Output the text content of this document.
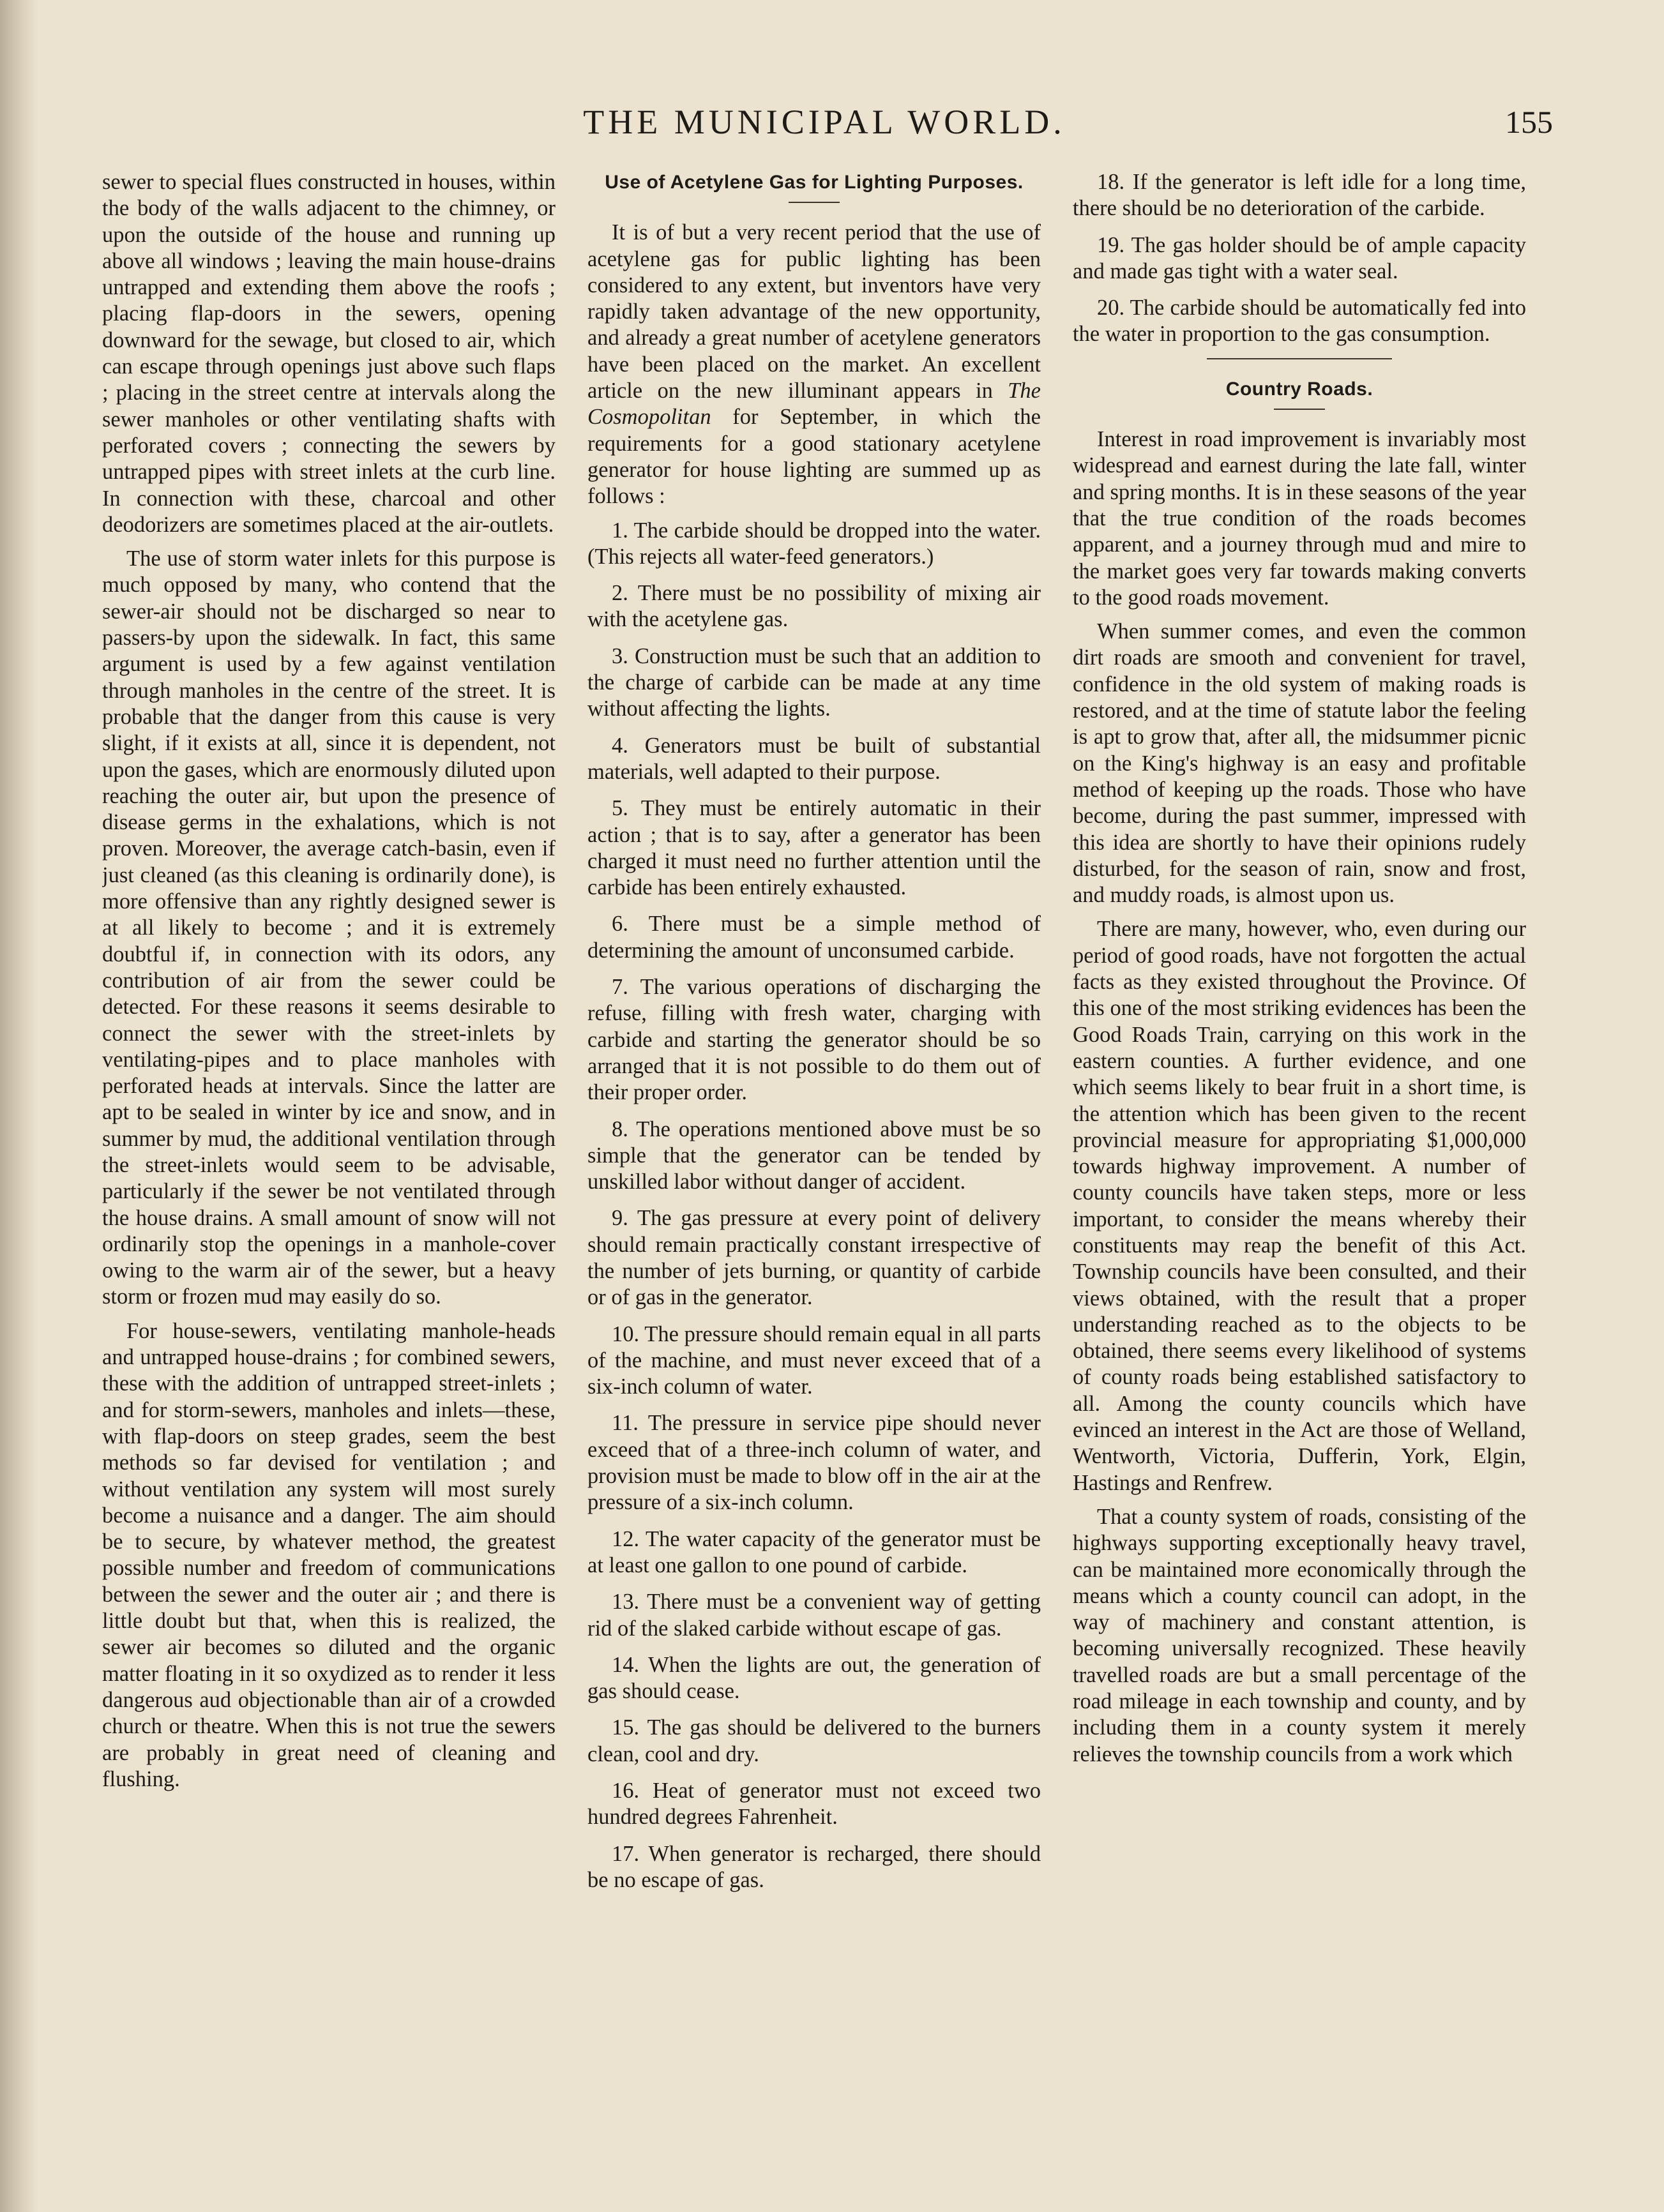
THE MUNICIPAL WORLD.	155

sewer to special flues constructed in houses, within the body of the walls adjacent to the chimney, or upon the outside of the house and running up above all windows ; leaving the main house-drains untrapped and extending them above the roofs ; placing flap-doors in the sewers, opening downward for the sewage, but closed to air, which can escape through openings just above such flaps ; placing in the street centre at intervals along the sewer manholes or other ventilating shafts with perforated covers ; connecting the sewers by untrapped pipes with street inlets at the curb line. In connection with these, charcoal and other deodorizers are sometimes placed at the air-outlets.

The use of storm water inlets for this purpose is much opposed by many, who contend that the sewer-air should not be discharged so near to passers-by upon the sidewalk. In fact, this same argument is used by a few against ventilation through manholes in the centre of the street. It is probable that the danger from this cause is very slight, if it exists at all, since it is dependent, not upon the gases, which are enormously diluted upon reaching the outer air, but upon the presence of disease germs in the exhalations, which is not proven. Moreover, the average catch-basin, even if just cleaned (as this cleaning is ordinarily done), is more offensive than any rightly designed sewer is at all likely to become ; and it is extremely doubtful if, in connection with its odors, any contribution of air from the sewer could be detected. For these reasons it seems desirable to connect the sewer with the street-inlets by ventilating-pipes and to place manholes with perforated heads at intervals. Since the latter are apt to be sealed in winter by ice and snow, and in summer by mud, the additional ventilation through the street-inlets would seem to be advisable, particularly if the sewer be not ventilated through the house drains. A small amount of snow will not ordinarily stop the openings in a manhole-cover owing to the warm air of the sewer, but a heavy storm or frozen mud may easily do so.

For house-sewers, ventilating manhole-heads and untrapped house-drains ; for combined sewers, these with the addition of untrapped street-inlets ; and for storm-sewers, manholes and inlets—these, with flap-doors on steep grades, seem the best methods so far devised for ventilation ; and without ventilation any system will most surely become a nuisance and a danger. The aim should be to secure, by whatever method, the greatest possible number and freedom of communications between the sewer and the outer air ; and there is little doubt but that, when this is realized, the sewer air becomes so diluted and the organic matter floating in it so oxydized as to render it less dangerous aud objectionable than air of a crowded church or theatre. When this is not true the sewers are probably in great need of cleaning and flushing.

Use of Acetylene Gas for Lighting Purposes.

It is of but a very recent period that the use of acetylene gas for public lighting has been considered to any extent, but inventors have very rapidly taken advantage of the new opportunity, and already a great number of acetylene generators have been placed on the market. An excellent article on the new illuminant appears in The Cosmopolitan for September, in which the requirements for a good stationary acetylene generator for house lighting are summed up as follows :

1. The carbide should be dropped into the water. (This rejects all water-feed generators.)

2. There must be no possibility of mixing air with the acetylene gas.

3. Construction must be such that an addition to the charge of carbide can be made at any time without affecting the lights.

4. Generators must be built of substantial materials, well adapted to their purpose.

5. They must be entirely automatic in their action ; that is to say, after a generator has been charged it must need no further attention until the carbide has been entirely exhausted.

6. There must be a simple method of determining the amount of unconsumed carbide.

7. The various operations of discharging the refuse, filling with fresh water, charging with carbide and starting the generator should be so arranged that it is not possible to do them out of their proper order.

8. The operations mentioned above must be so simple that the generator can be tended by unskilled labor without danger of accident.

9. The gas pressure at every point of delivery should remain practically constant irrespective of the number of jets burning, or quantity of carbide or of gas in the generator.

10. The pressure should remain equal in all parts of the machine, and must never exceed that of a six-inch column of water.

11. The pressure in service pipe should never exceed that of a three-inch column of water, and provision must be made to blow off in the air at the pressure of a six-inch column.

12. The water capacity of the generator must be at least one gallon to one pound of carbide.

13. There must be a convenient way of getting rid of the slaked carbide without escape of gas.

14. When the lights are out, the generation of gas should cease.

15. The gas should be delivered to the burners clean, cool and dry.

16. Heat of generator must not exceed two hundred degrees Fahrenheit.

17. When generator is recharged, there should be no escape of gas.

18. If the generator is left idle for a long time, there should be no deterioration of the carbide.

19. The gas holder should be of ample capacity and made gas tight with a water seal.

20. The carbide should be automatically fed into the water in proportion to the gas consumption.

Country Roads.

Interest in road improvement is invariably most widespread and earnest during the late fall, winter and spring months. It is in these seasons of the year that the true condition of the roads becomes apparent, and a journey through mud and mire to the market goes very far towards making converts to the good roads movement.

When summer comes, and even the common dirt roads are smooth and convenient for travel, confidence in the old system of making roads is restored, and at the time of statute labor the feeling is apt to grow that, after all, the midsummer picnic on the King's highway is an easy and profitable method of keeping up the roads. Those who have become, during the past summer, impressed with this idea are shortly to have their opinions rudely disturbed, for the season of rain, snow and frost, and muddy roads, is almost upon us.

There are many, however, who, even during our period of good roads, have not forgotten the actual facts as they existed throughout the Province. Of this one of the most striking evidences has been the Good Roads Train, carrying on this work in the eastern counties. A further evidence, and one which seems likely to bear fruit in a short time, is the attention which has been given to the recent provincial measure for appropriating $1,000,000 towards highway improvement. A number of county councils have taken steps, more or less important, to consider the means whereby their constituents may reap the benefit of this Act. Township councils have been consulted, and their views obtained, with the result that a proper understanding reached as to the objects to be obtained, there seems every likelihood of systems of county roads being established satisfactory to all. Among the county councils which have evinced an interest in the Act are those of Welland, Wentworth, Victoria, Dufferin, York, Elgin, Hastings and Renfrew.

That a county system of roads, consisting of the highways supporting exceptionally heavy travel, can be maintained more economically through the means which a county council can adopt, in the way of machinery and constant attention, is becoming universally recognized. These heavily travelled roads are but a small percentage of the road mileage in each township and county, and by including them in a county system it merely relieves the township councils from a work which
